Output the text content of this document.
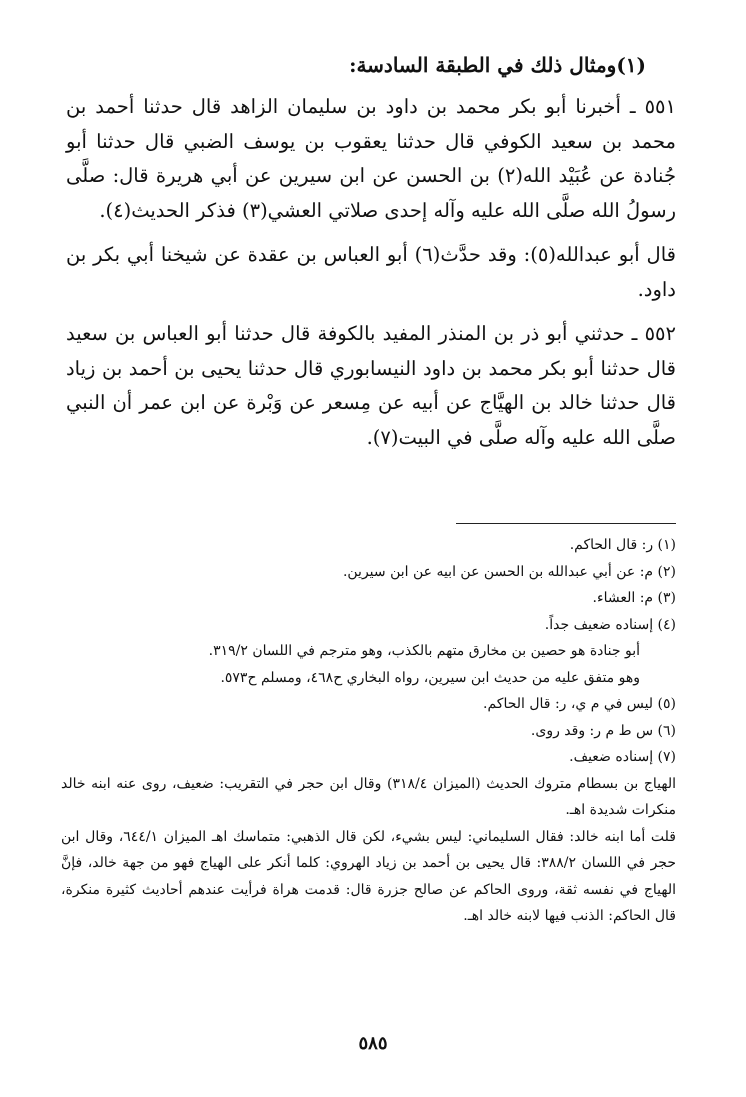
(١)ومثال ذلك في الطبقة السادسة:

٥٥١ ـ أخبرنا أبو بكر محمد بن داود بن سليمان الزاهد قال حدثنا أحمد بن محمد بن سعيد الكوفي قال حدثنا يعقوب بن يوسف الضبي قال حدثنا أبو جُنادة عن عُبَيْد الله(٢) بن الحسن عن ابن سيرين عن أبي هريرة قال: صلَّى رسولُ الله صلَّى الله عليه وآله إحدى صلاتي العشي(٣) فذكر الحديث(٤).

قال أبو عبدالله(٥): وقد حدَّث(٦) أبو العباس بن عقدة عن شيخنا أبي بكر بن داود.

٥٥٢ ـ حدثني أبو ذر بن المنذر المفيد بالكوفة قال حدثنا أبو العباس بن سعيد قال حدثنا أبو بكر محمد بن داود النيسابوري قال حدثنا يحيى بن أحمد بن زياد قال حدثنا خالد بن الهيَّاج عن أبيه عن مِسعر عن وَبْرة عن ابن عمر أن النبي صلَّى الله عليه وآله صلَّى في البيت(٧).

(١) ر: قال الحاكم.
(٢) م: عن أبي عبدالله بن الحسن عن ابيه عن ابن سيرين.
(٣) م: العشاء.
(٤) إسناده ضعيف جداً.
أبو جنادة هو حصين بن مخارق متهم بالكذب، وهو مترجم في اللسان ٣١٩/٢.
وهو متفق عليه من حديث ابن سيرين، رواه البخاري ح٤٦٨، ومسلم ح٥٧٣.
(٥) ليس في م ي، ر: قال الحاكم.
(٦) س ط م ر: وقد روى.
(٧) إسناده ضعيف.
الهياج بن بسطام متروك الحديث (الميزان ٣١٨/٤) وقال ابن حجر في التقريب: ضعيف، روى عنه ابنه خالد منكرات شديدة اهـ.
قلت أما ابنه خالد: فقال السليماني: ليس بشيء، لكن قال الذهبي: متماسك اهـ الميزان ٦٤٤/١، وقال ابن حجر في اللسان ٣٨٨/٢: قال يحيى بن أحمد بن زياد الهروي: كلما أنكر على الهياج فهو من جهة خالد، فإنَّ الهياج في نفسه ثقة، وروى الحاكم عن صالح جزرة قال: قدمت هراة فرأيت عندهم أحاديث كثيرة منكرة، قال الحاكم: الذنب فيها لابنه خالد اهـ.
٥٨٥
